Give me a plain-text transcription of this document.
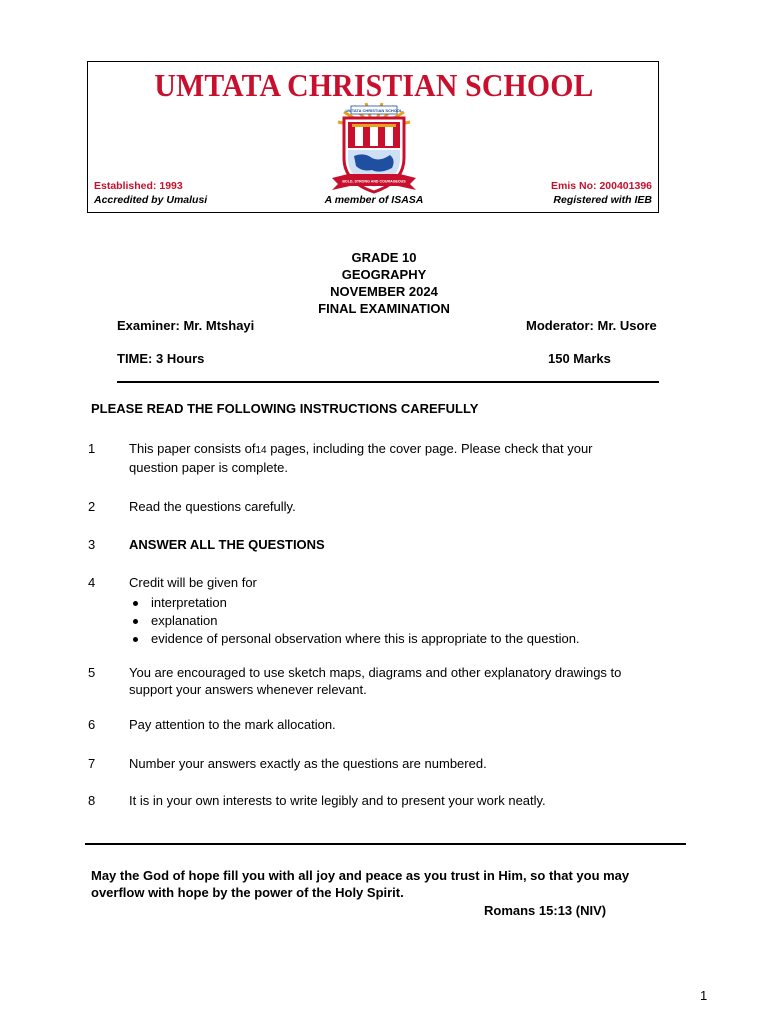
UMTATA CHRISTIAN SCHOOL
UMTATA CHRISTIAN SCHOOL
BOLD, STRONG AND COURAGEOUS
Established: 1993
Accredited by Umalusi	A member of ISASA
Emis No: 200401396
Registered with IEB
GRADE 10
GEOGRAPHY
NOVEMBER 2024
FINAL EXAMINATION
Examiner: Mr. Mtshayi	Moderator: Mr. Usore
TIME: 3 Hours	150 Marks
PLEASE READ THE FOLLOWING INSTRUCTIONS CAREFULLY
1	This paper consists of14 pages, including the cover page. Please check that your
question paper is complete.
2	Read the questions carefully.
3	ANSWER ALL THE QUESTIONS
4	Credit will be given for
interpretation
explanation
evidence of personal observation where this is appropriate to the question.
5	You are encouraged to use sketch maps, diagrams and other explanatory drawings to
support your answers whenever relevant.
6	Pay attention to the mark allocation.
7	Number your answers exactly as the questions are numbered.
8	It is in your own interests to write legibly and to present your work neatly.
May the God of hope fill you with all joy and peace as you trust in Him, so that you may
overflow with hope by the power of the Holy Spirit.
Romans 15:13 (NIV)
1
